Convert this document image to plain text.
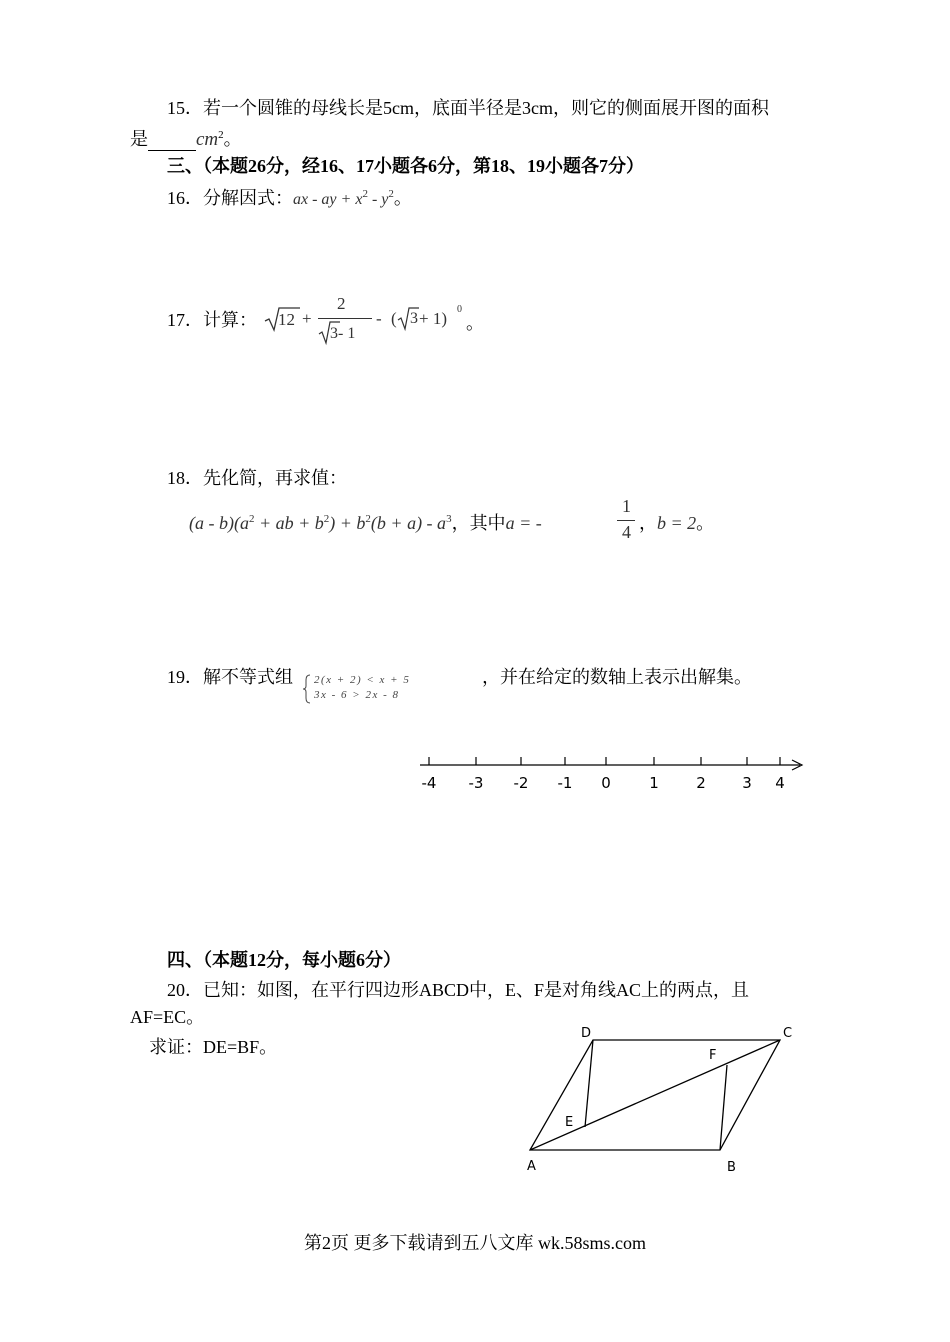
15．若一个圆锥的母线长是5cm，底面半径是3cm，则它的侧面展开图的面积
是	$cm^2$。
三、（本题26分，经16、17小题各6分，第18、19小题各7分）
16．分解因式：ax - ay + $x^2 - y^2$。
17．计算： 12 +
2
3 - 1
- ( 3 + 1) 0
。
18．先化简，再求值：
$(a - b)(a^2$ + ab + $b^2) + b^2(b + a) - a^3$，其中a = -
1
4 ，b = 2。
19．解不等式组 2(x + 2) < x + 5
3x - 6 > 2x - 8
，并在给定的数轴上表示出解集。
-4 -3 -2 -1 0	1 2 3 4
四、（本题12分，每小题6分）
20．已知：如图，在平行四边形ABCD中，E、F是对角线AC上的两点，且
AF=EC。
求证：DE=BF。
A	B
C
D
E
F
第2页 更多下载请到五八文库 wk.58sms.com
